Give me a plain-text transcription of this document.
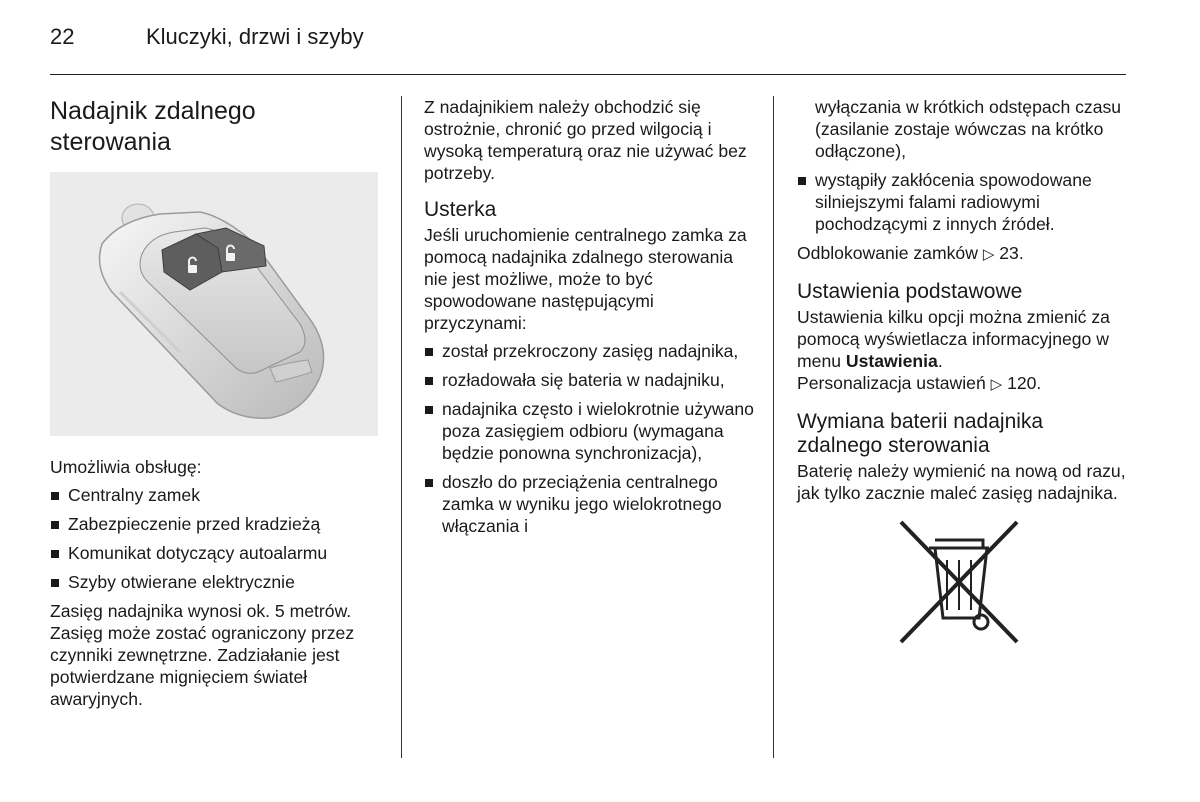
22	Kluczyki, drzwi i szyby
Nadajnik zdalnego sterowania

Umożliwia obsługę:

Centralny zamek
Zabezpieczenie przed kradzieżą
Komunikat dotyczący autoalarmu
Szyby otwierane elektrycznie

Zasięg nadajnika wynosi ok. 5 metrów. Zasięg może zostać ograniczony przez czynniki zewnętrzne. Zadziałanie jest potwierdzane mignięciem świateł awaryjnych.

Z nadajnikiem należy obchodzić się ostrożnie, chronić go przed wilgocią i wysoką temperaturą oraz nie używać bez potrzeby.

Usterka

Jeśli uruchomienie centralnego zamka za pomocą nadajnika zdalnego sterowania nie jest możliwe, może to być spowodowane następującymi przyczynami:

został przekroczony zasięg nadajnika,
rozładowała się bateria w nadajniku,
nadajnika często i wielokrotnie używano poza zasięgiem odbioru (wymagana będzie ponowna synchronizacja),
doszło do przeciążenia centralnego zamka w wyniku jego wielokrotnego włączania i
wyłączania w krótkich odstępach czasu (zasilanie zostaje wówczas na krótko odłączone),
wystąpiły zakłócenia spowodowane silniejszymi falami radiowymi pochodzącymi z innych źródeł.

Odblokowanie zamków ▷ 23.

Ustawienia podstawowe

Ustawienia kilku opcji można zmienić za pomocą wyświetlacza informacyjnego w menu Ustawienia.
Personalizacja ustawień ▷ 120.

Wymiana baterii nadajnika zdalnego sterowania

Baterię należy wymienić na nową od razu, jak tylko zacznie maleć zasięg nadajnika.
